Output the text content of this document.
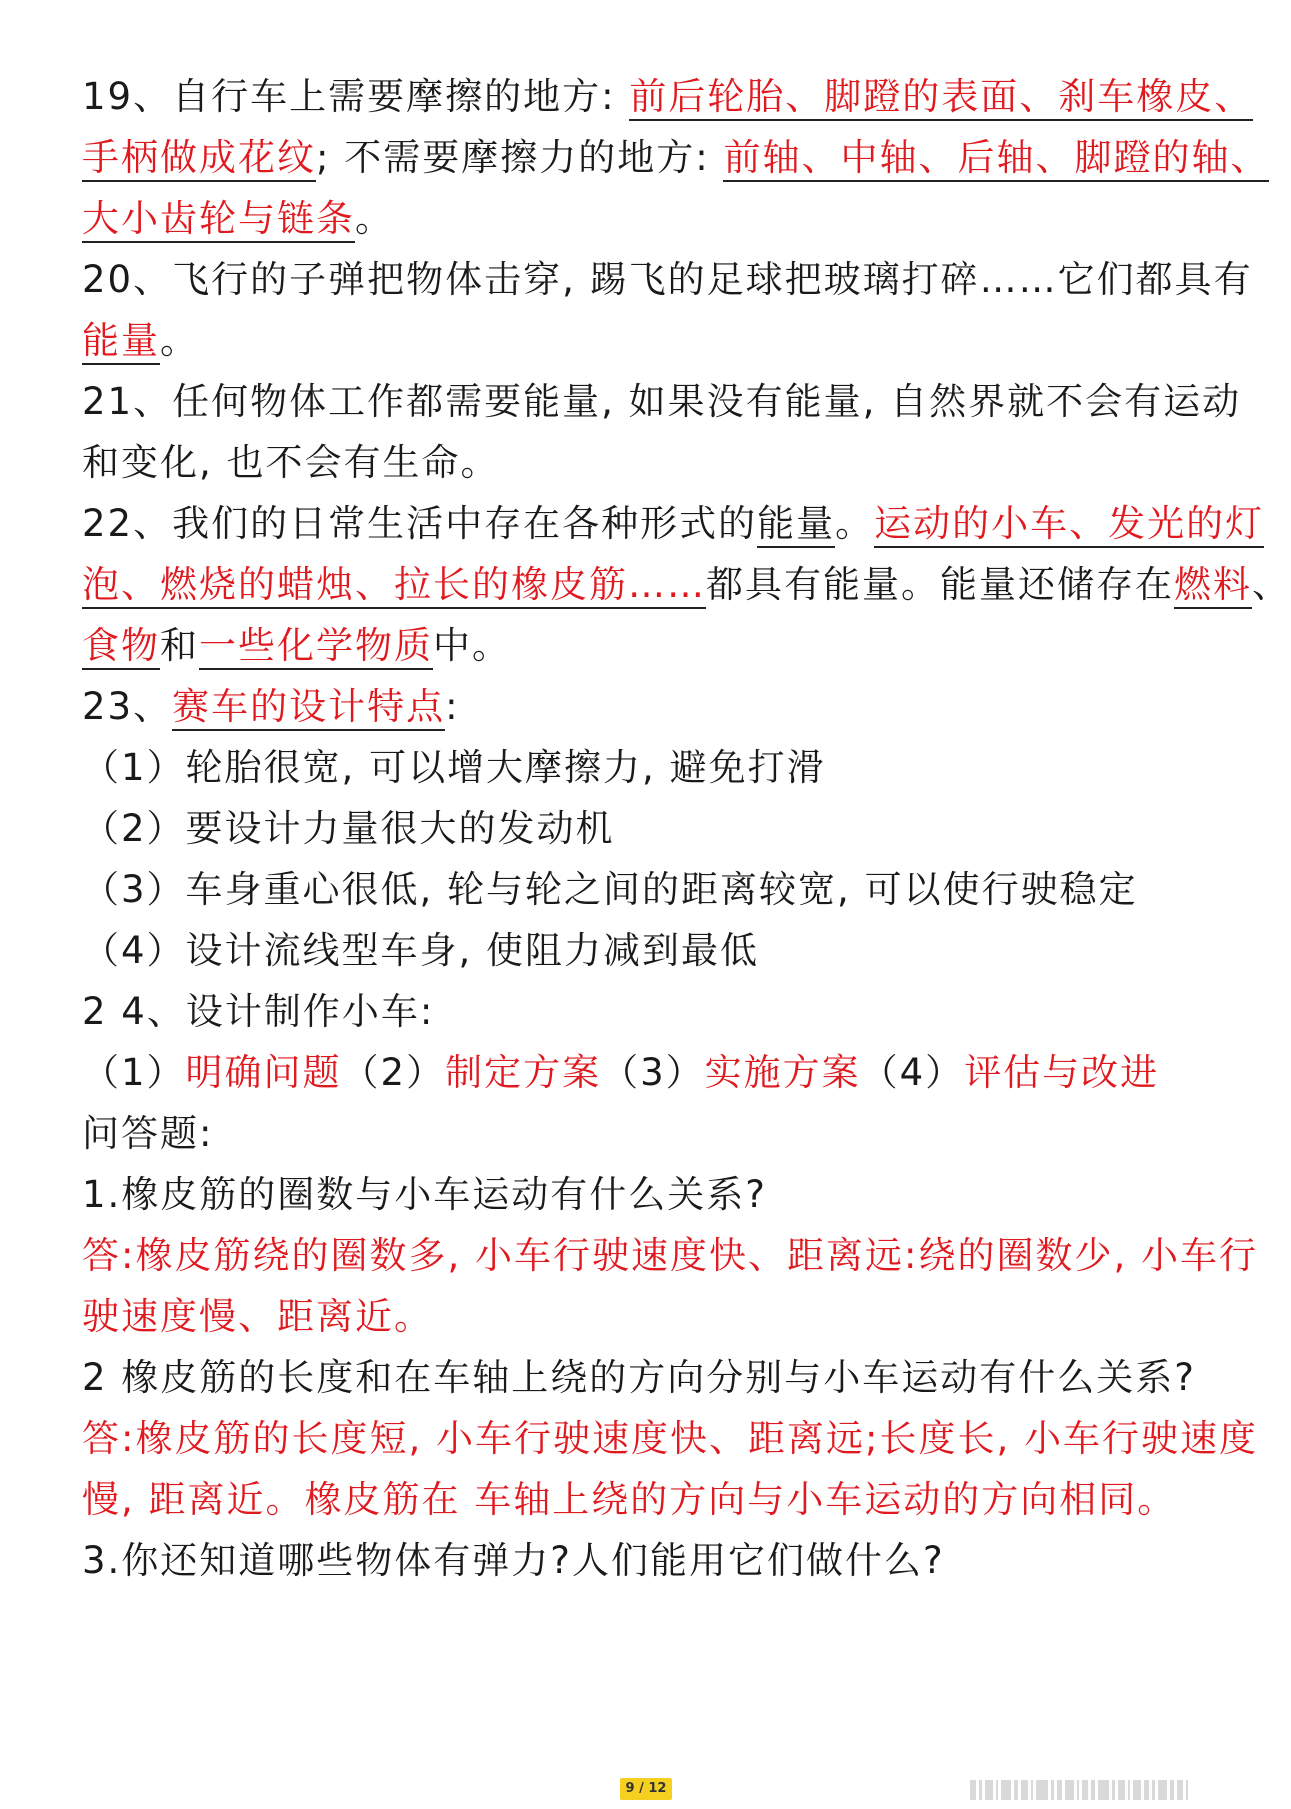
19、自行车上需要摩擦的地方: 前后轮胎、脚蹬的表面、刹车橡皮、
手柄做成花纹; 不需要摩擦力的地方: 前轴、中轴、后轴、脚蹬的轴、
大小齿轮与链条。
20、飞行的子弹把物体击穿, 踢飞的足球把玻璃打碎……它们都具有
能量。
21、任何物体工作都需要能量, 如果没有能量, 自然界就不会有运动
和变化, 也不会有生命。
22、我们的日常生活中存在各种形式的能量。运动的小车、发光的灯
泡、燃烧的蜡烛、拉长的橡皮筋……都具有能量。能量还储存在燃料、
食物和一些化学物质中。
23、赛车的设计特点:
（1）轮胎很宽, 可以增大摩擦力, 避免打滑
（2）要设计力量很大的发动机
（3）车身重心很低, 轮与轮之间的距离较宽, 可以使行驶稳定
（4）设计流线型车身, 使阻力减到最低
2 4、设计制作小车:
（1）明确问题（2）制定方案（3）实施方案（4）评估与改进
问答题:
1.橡皮筋的圈数与小车运动有什么关系?
答:橡皮筋绕的圈数多, 小车行驶速度快、距离远:绕的圈数少, 小车行
驶速度慢、距离近。
2 橡皮筋的长度和在车轴上绕的方向分别与小车运动有什么关系?
答:橡皮筋的长度短, 小车行驶速度快、距离远;长度长, 小车行驶速度
慢, 距离近。橡皮筋在 车轴上绕的方向与小车运动的方向相同。
3.你还知道哪些物体有弹力?人们能用它们做什么?
9 / 12
